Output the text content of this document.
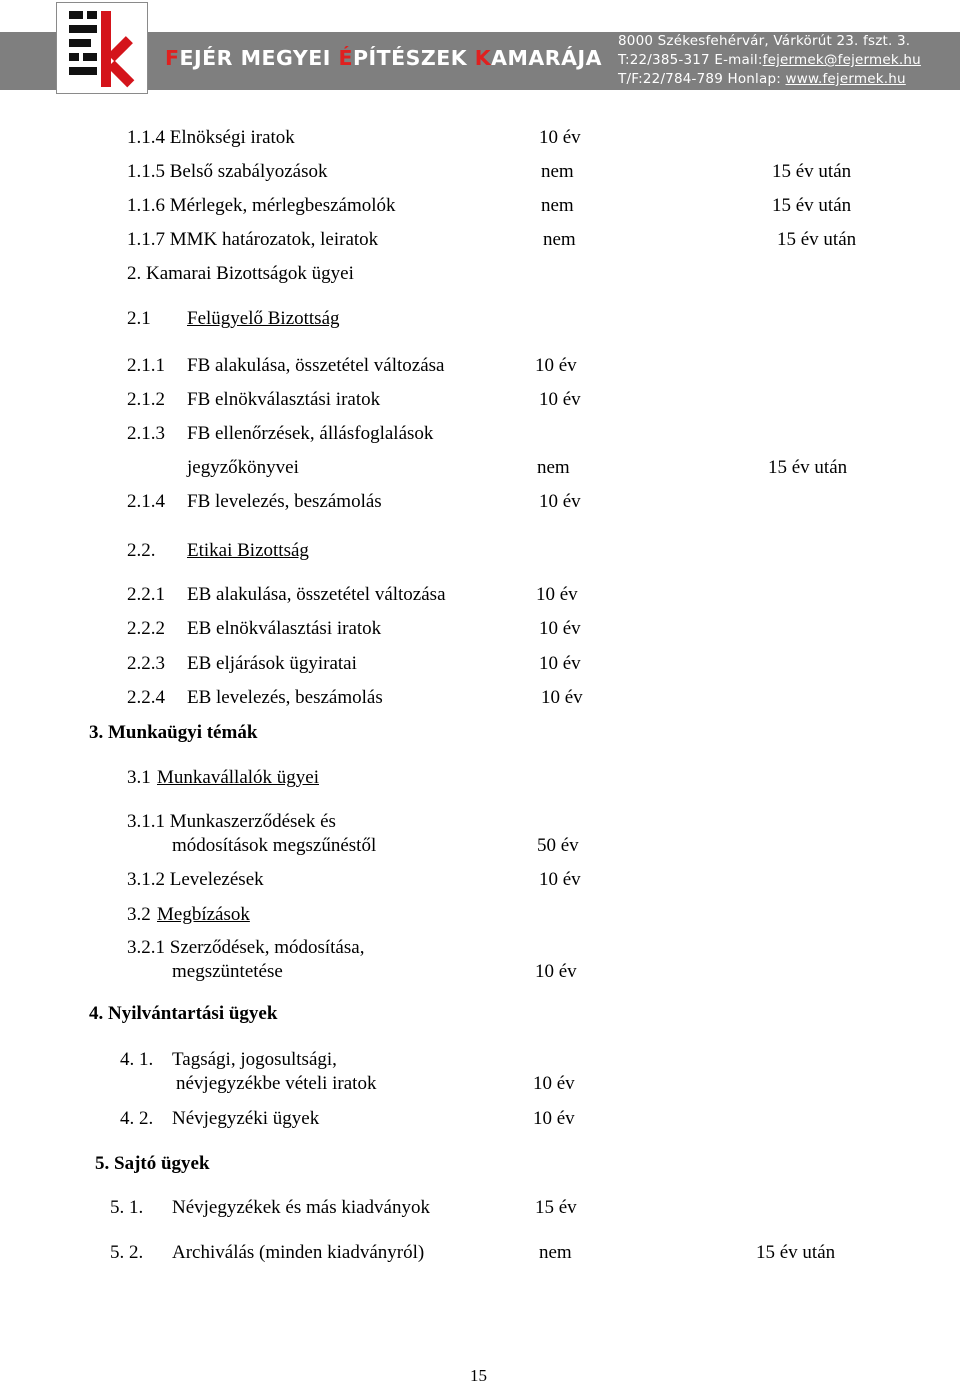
FEJÉR MEGYEI ÉPÍTÉSZEK KAMARÁJA
8000 Székesfehérvár, Várkörút 23. fszt. 3.
T:22/385-317 E-mail:fejermek@fejermek.hu
T/F:22/784-789 Honlap: www.fejermek.hu
1.1.4 Elnökségi iratok	10 év
1.1.5 Belső szabályozások	nem	15 év után
1.1.6 Mérlegek, mérlegbeszámolók	nem	15 év után
1.1.7 MMK határozatok, leiratok	nem	15 év után
2. Kamarai Bizottságok ügyei
2.1 Felügyelő Bizottság
2.1.1 FB alakulása, összetétel változása	10 év
2.1.2 FB elnökválasztási iratok	10 év
2.1.3 FB ellenőrzések, állásfoglalások
jegyzőkönyvei	nem	15 év után
2.1.4 FB levelezés, beszámolás	10 év
2.2. Etikai Bizottság
2.2.1 EB alakulása, összetétel változása	10 év
2.2.2 EB elnökválasztási iratok	10 év
2.2.3 EB eljárások ügyiratai	10 év
2.2.4 EB levelezés, beszámolás	10 év
3. Munkaügyi témák
3.1 Munkavállalók ügyei
3.1.1 Munkaszerződések és
módosítások megszűnéstől	50 év
3.1.2 Levelezések	10 év
3.2 Megbízások
3.2.1 Szerződések, módosítása,
megszüntetése	10 év
4. Nyilvántartási ügyek
4. 1. Tagsági, jogosultsági,
névjegyzékbe vételi iratok	10 év
4. 2. Névjegyzéki ügyek	10 év
5. Sajtó ügyek
5. 1. Névjegyzékek és más kiadványok	15 év
5. 2. Archiválás (minden kiadványról)	nem	15 év után
15
